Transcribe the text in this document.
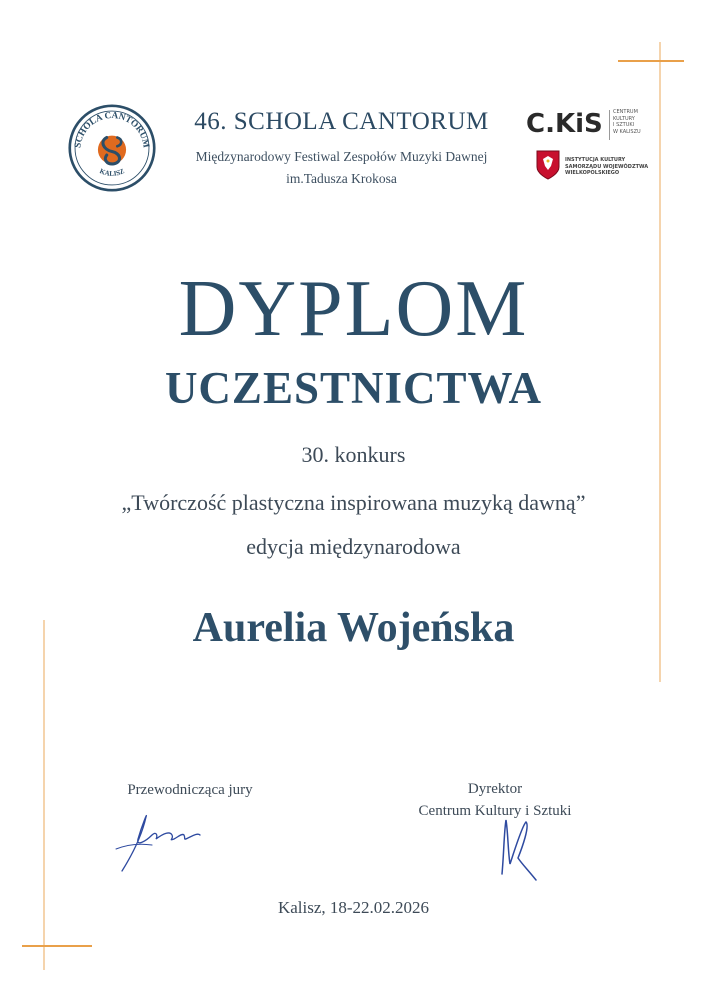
SCHOLA CANTORUM
KALISZ
46. SCHOLA CANTORUM
Międzynarodowy Festiwal Zespołów Muzyki Dawnej
im.Tadusza Krokosa
C.KiS CENTRUM
KULTURY
I SZTUKI
W KALISZU
INSTYTUCJA KULTURY
SAMORZĄDU WOJEWÓDZTWA
WIELKOPOLSKIEGO
DYPLOM
UCZESTNICTWA
30. konkurs
„Twórczość plastyczna inspirowana muzyką dawną”
edycja międzynarodowa
Aurelia Wojeńska
Przewodnicząca jury	Dyrektor
Centrum Kultury i Sztuki
Kalisz, 18-22.02.2026
